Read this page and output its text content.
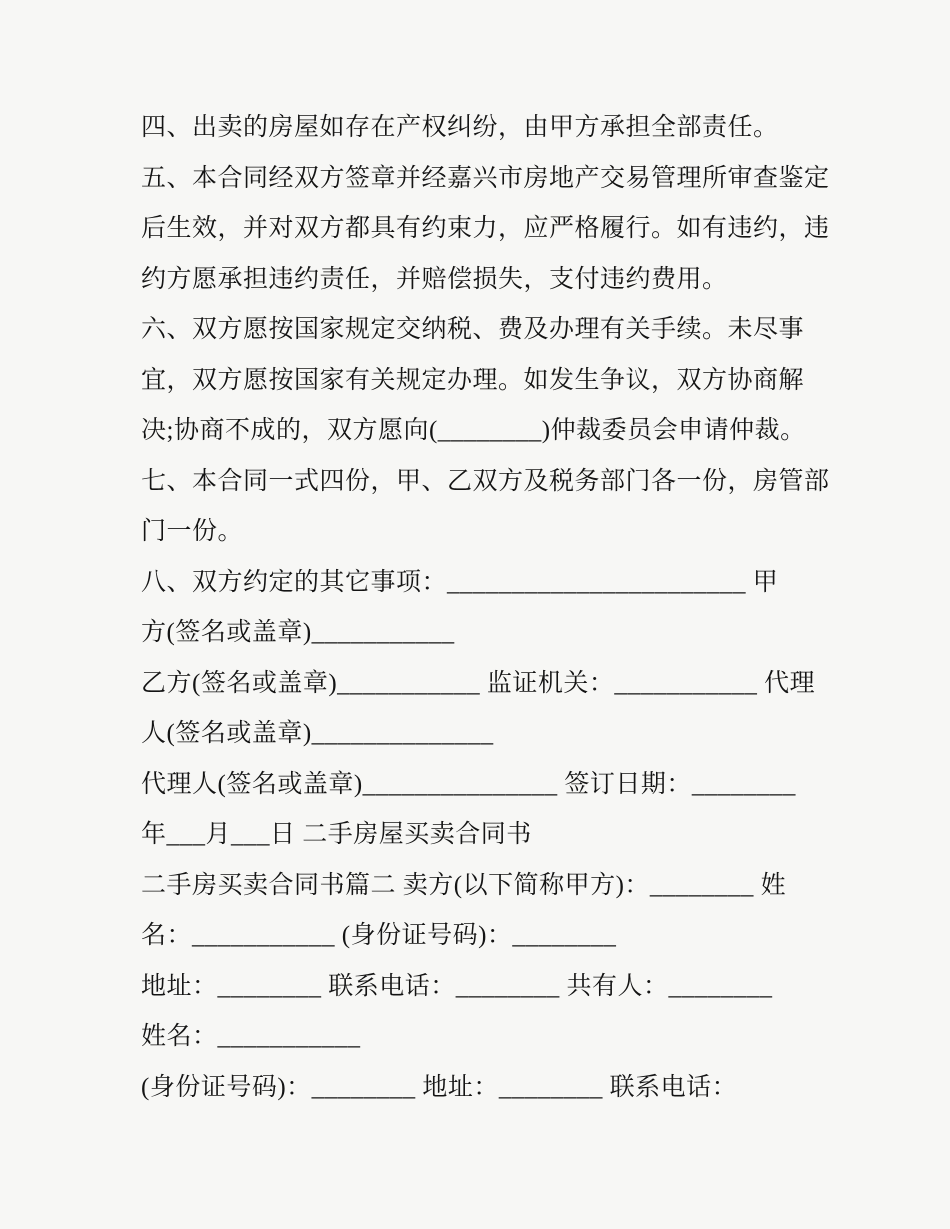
四、出卖的房屋如存在产权纠纷，由甲方承担全部责任。
五、本合同经双方签章并经嘉兴市房地产交易管理所审查鉴定
后生效，并对双方都具有约束力，应严格履行。如有违约，违
约方愿承担违约责任，并赔偿损失，支付违约费用。
六、双方愿按国家规定交纳税、费及办理有关手续。未尽事
宜，双方愿按国家有关规定办理。如发生争议，双方协商解
决;协商不成的，双方愿向(________)仲裁委员会申请仲裁。
七、本合同一式四份，甲、乙双方及税务部门各一份，房管部
门一份。
八、双方约定的其它事项：_______________________ 甲
方(签名或盖章)___________
乙方(签名或盖章)___________ 监证机关：___________ 代理
人(签名或盖章)______________
代理人(签名或盖章)_______________ 签订日期：________
年___月___日 二手房屋买卖合同书
二手房买卖合同书篇二 卖方(以下简称甲方)：________ 姓
名：___________ (身份证号码)：________
地址：________ 联系电话：________ 共有人：________
姓名：___________
(身份证号码)：________ 地址：________ 联系电话：
